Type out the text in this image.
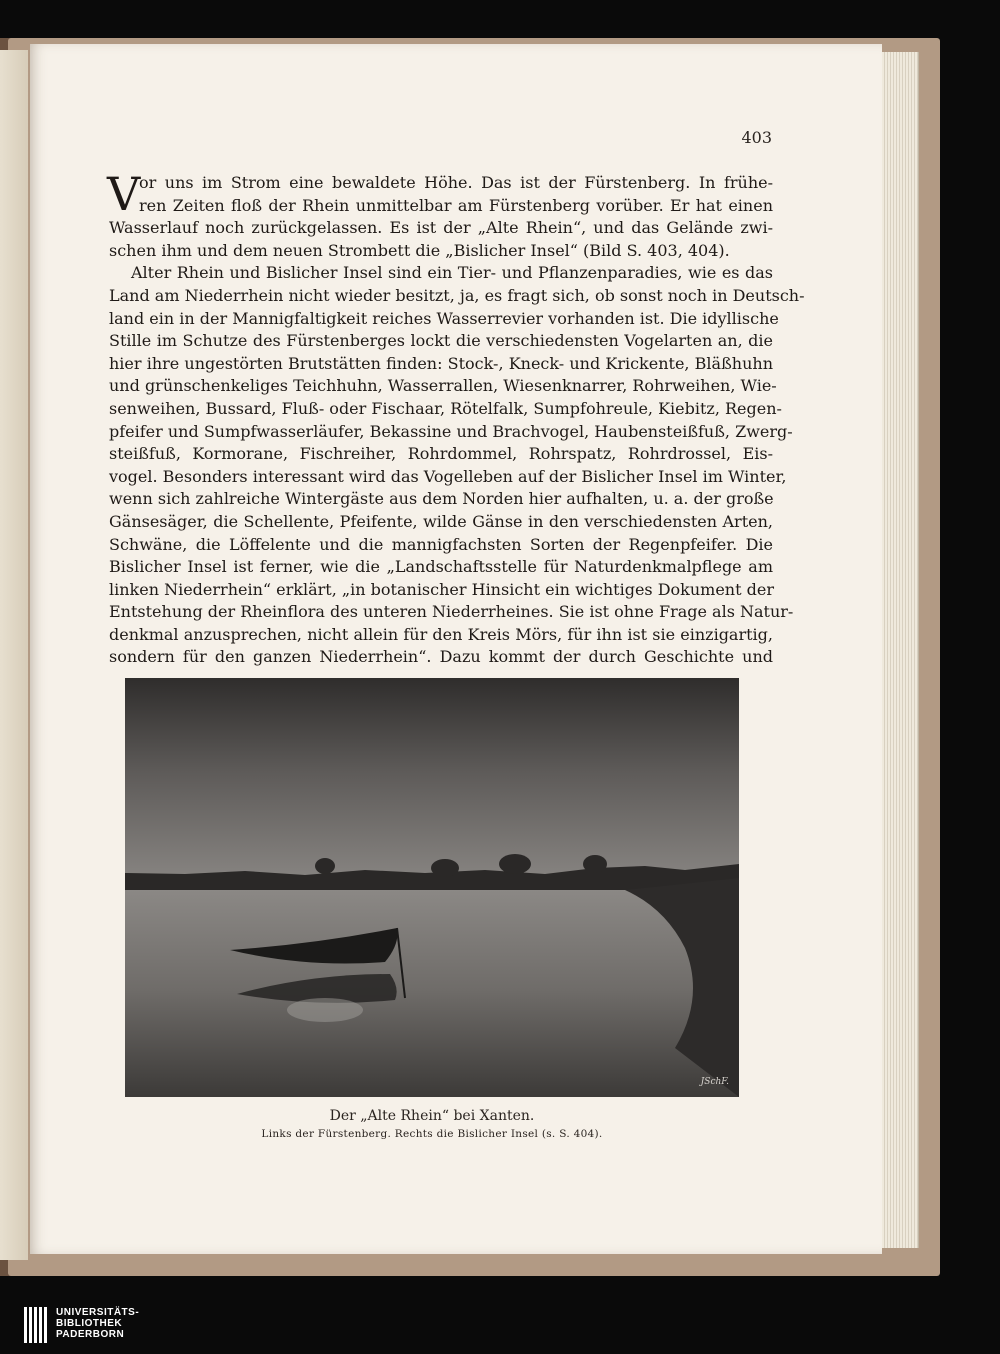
403
V
or uns im Strom eine bewaldete Höhe. Das ist der Fürstenberg. In frühe-
ren Zeiten floß der Rhein unmittelbar am Fürstenberg vorüber. Er hat einen
Wasserlauf noch zurückgelassen. Es ist der „Alte Rhein“, und das Gelände zwi-
schen ihm und dem neuen Strombett die „Bislicher Insel“ (Bild S. 403, 404).
Alter Rhein und Bislicher Insel sind ein Tier- und Pflanzenparadies, wie es das
Land am Niederrhein nicht wieder besitzt, ja, es fragt sich, ob sonst noch in Deutsch-
land ein in der Mannigfaltigkeit reiches Wasserrevier vorhanden ist. Die idyllische
Stille im Schutze des Fürstenberges lockt die verschiedensten Vogelarten an, die
hier ihre ungestörten Brutstätten finden: Stock-, Kneck- und Krickente, Bläßhuhn
und grünschenkeliges Teichhuhn, Wasserrallen, Wiesenknarrer, Rohrweihen, Wie-
senweihen, Bussard, Fluß- oder Fischaar, Rötelfalk, Sumpfohreule, Kiebitz, Regen-
pfeifer und Sumpfwasserläufer, Bekassine und Brachvogel, Haubensteißfuß, Zwerg-
steißfuß, Kormorane, Fischreiher, Rohrdommel, Rohrspatz, Rohrdrossel, Eis-
vogel. Besonders interessant wird das Vogelleben auf der Bislicher Insel im Winter,
wenn sich zahlreiche Wintergäste aus dem Norden hier aufhalten, u. a. der große
Gänsesäger, die Schellente, Pfeifente, wilde Gänse in den verschiedensten Arten,
Schwäne, die Löffelente und die mannigfachsten Sorten der Regenpfeifer. Die
Bislicher Insel ist ferner, wie die „Landschaftsstelle für Naturdenkmalpflege am
linken Niederrhein“ erklärt, „in botanischer Hinsicht ein wichtiges Dokument der
Entstehung der Rheinflora des unteren Niederrheines. Sie ist ohne Frage als Natur-
denkmal anzusprechen, nicht allein für den Kreis Mörs, für ihn ist sie einzigartig,
sondern für den ganzen Niederrhein“. Dazu kommt der durch Geschichte und
JSchF.
Der „Alte Rhein“ bei Xanten.
Links der Fürstenberg. Rechts die Bislicher Insel (s. S. 404).
UNIVERSITÄTS-
BIBLIOTHEK
PADERBORN
